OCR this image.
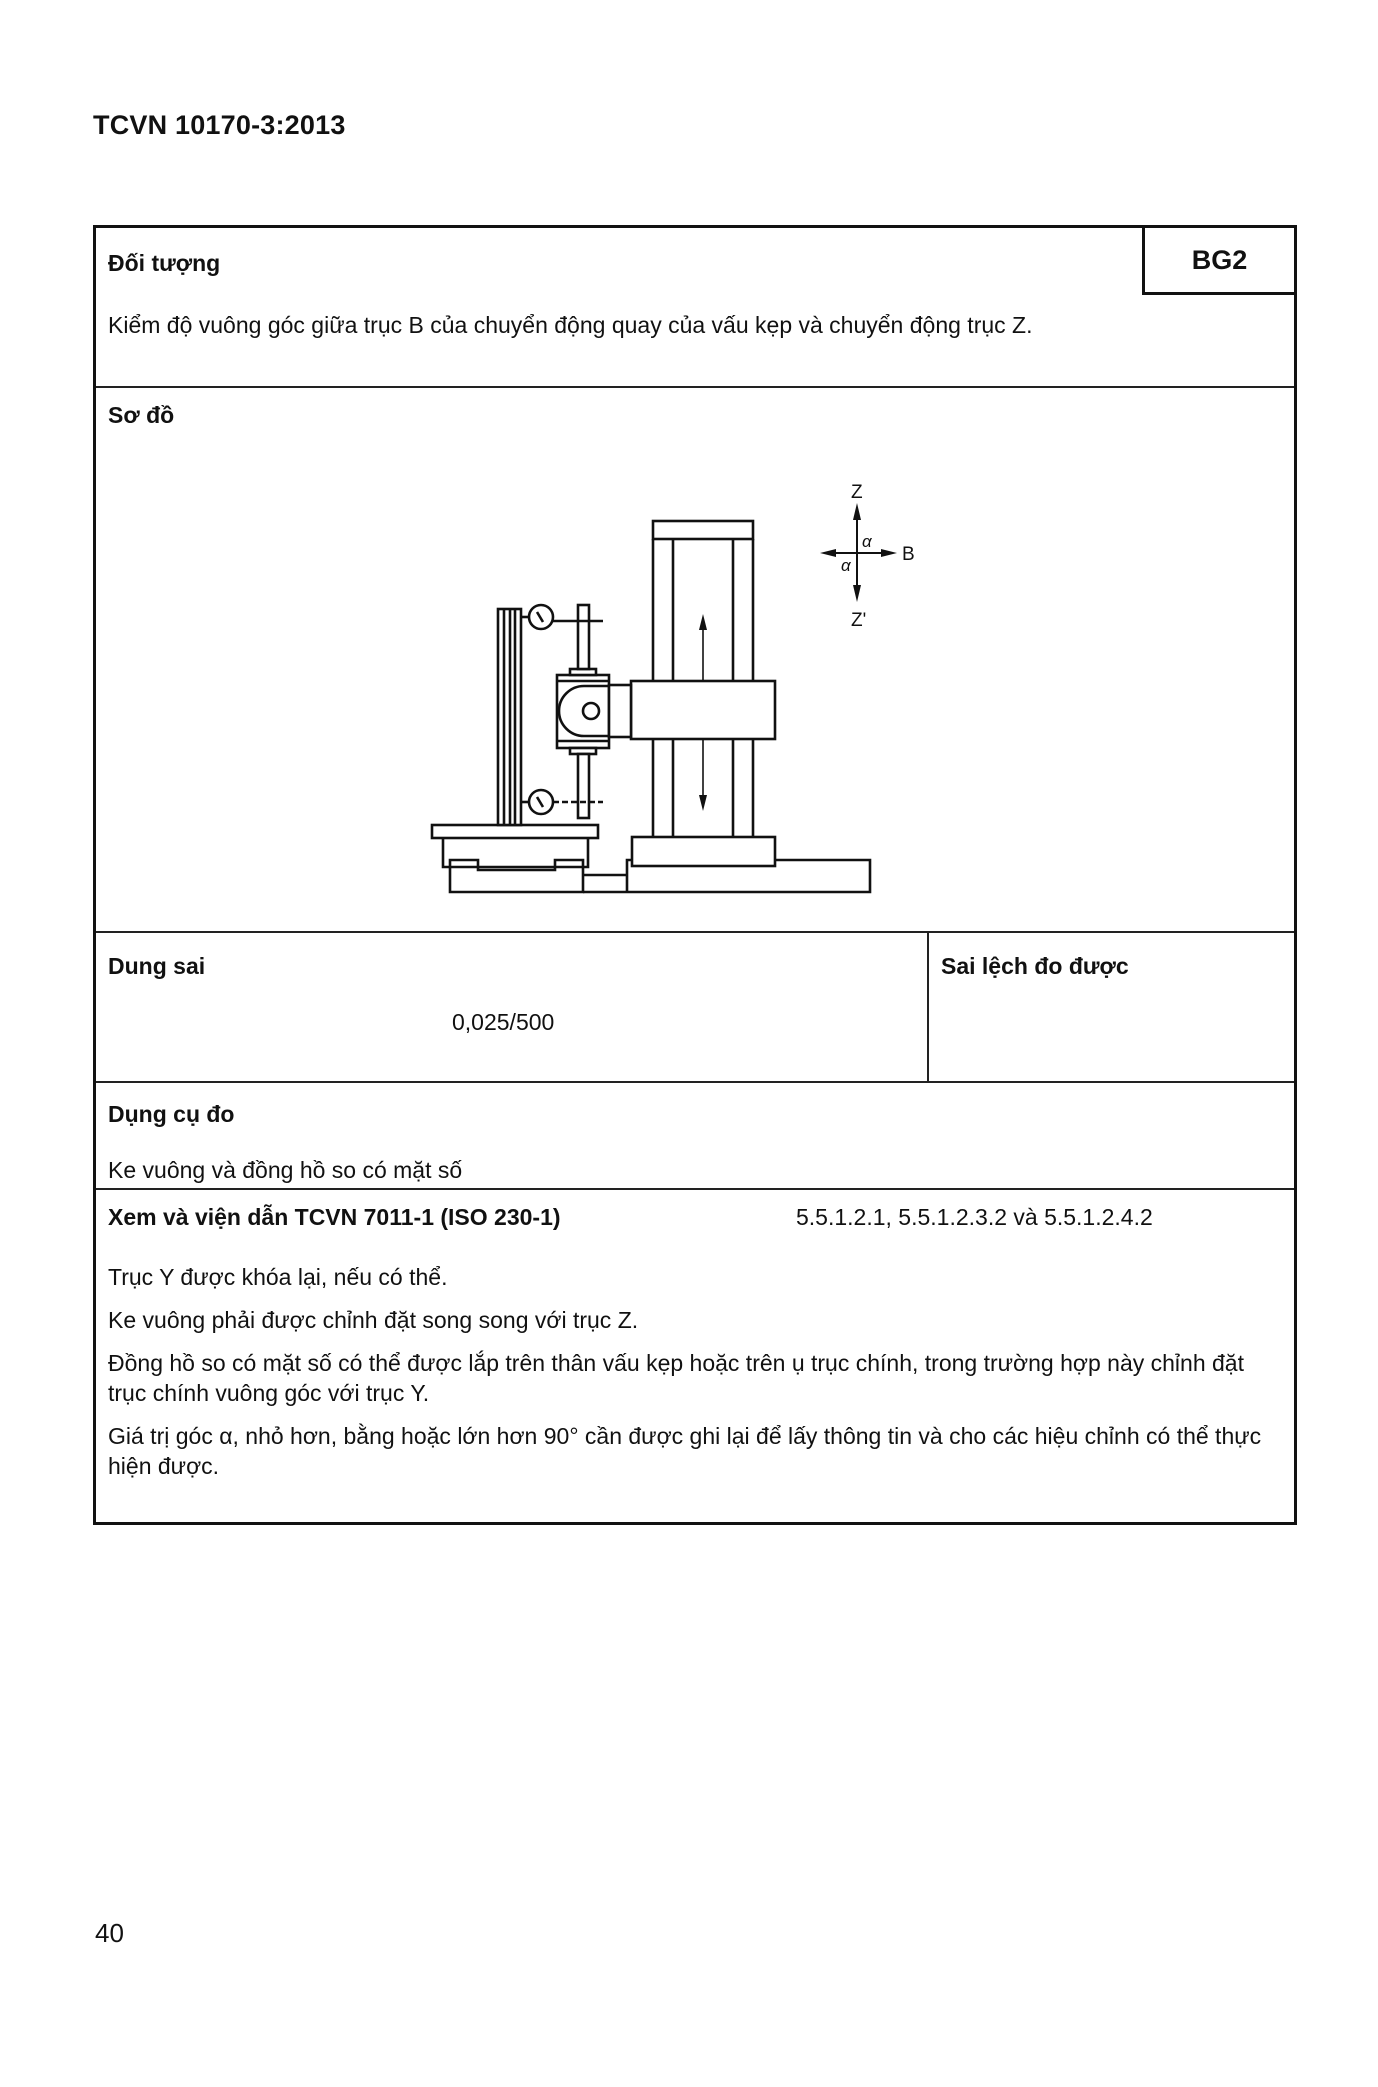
TCVN 10170-3:2013
Đối tượng	BG2
Kiểm độ vuông góc giữa trục B của chuyển động quay của vấu kẹp và chuyển động trục Z.
Sơ đồ
Z
Z'
B
α
α
Dung sai
0,025/500
Sai lệch đo được
Dụng cụ đo
Ke vuông và đồng hồ so có mặt số
Xem và viện dẫn TCVN 7011-1 (ISO 230-1)	5.5.1.2.1, 5.5.1.2.3.2 và 5.5.1.2.4.2

Trục Y được khóa lại, nếu có thể.

Ke vuông phải được chỉnh đặt song song với trục Z.

Đồng hồ so có mặt số có thể được lắp trên thân vấu kẹp hoặc trên ụ trục chính, trong trường hợp này chỉnh đặt trục chính vuông góc với trục Y.

Giá trị góc α, nhỏ hơn, bằng hoặc lớn hơn 90° cần được ghi lại để lấy thông tin và cho các hiệu chỉnh có thể thực hiện được.

40
